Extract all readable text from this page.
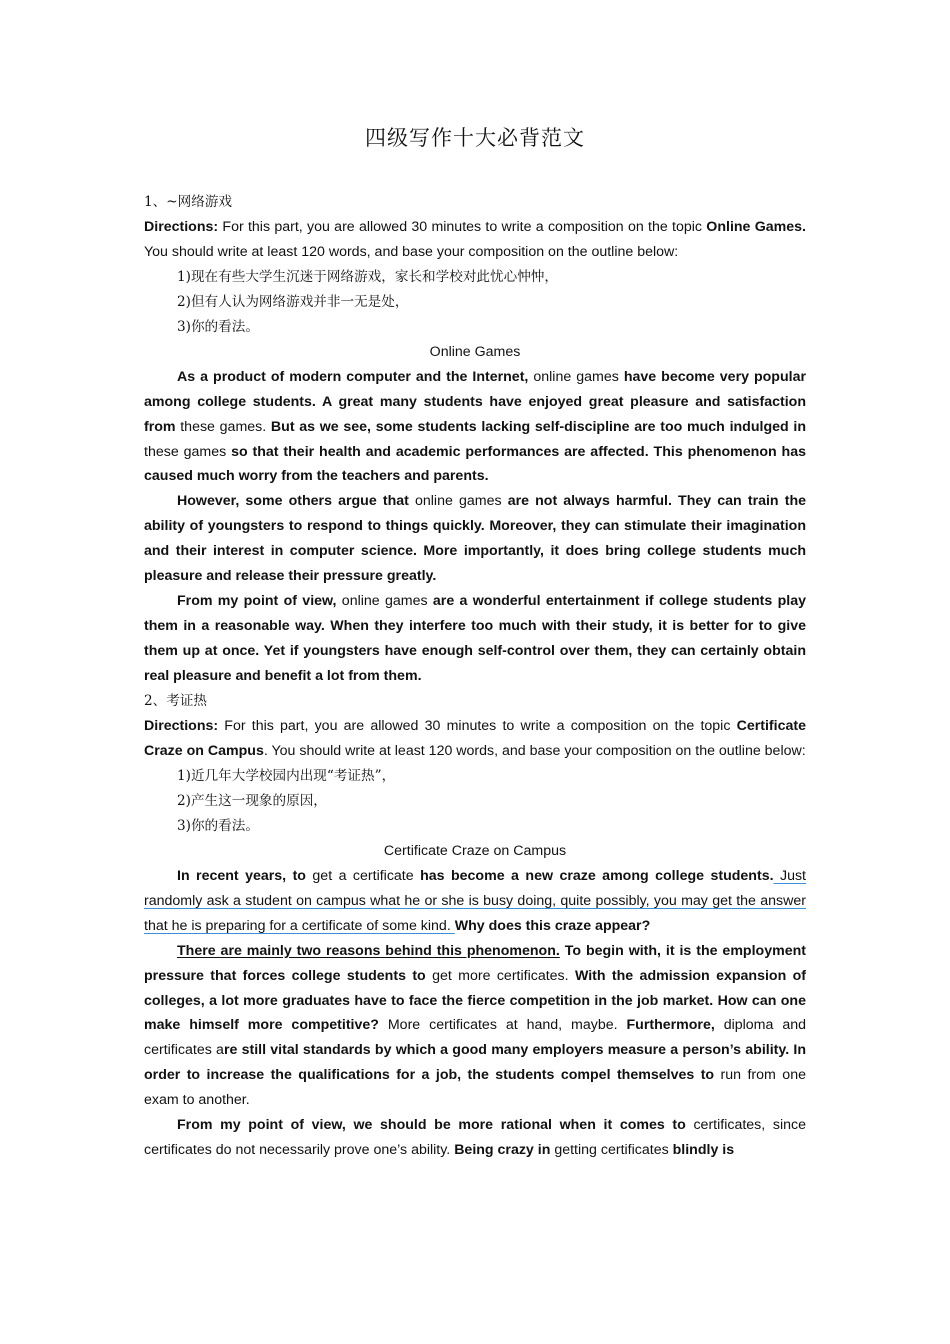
四级写作十大必背范文

1、~网络游戏

Directions: For this part, you are allowed 30 minutes to write a composition on the topic Online Games. You should write at least 120 words, and base your composition on the outline below:

1)现在有些大学生沉迷于网络游戏，家长和学校对此忧心忡忡，

2)但有人认为网络游戏并非一无是处，

3)你的看法。

Online Games

As a product of modern computer and the Internet, online games have become very popular among college students. A great many students have enjoyed great pleasure and satisfaction from these games. But as we see, some students lacking self-discipline are too much indulged in these games so that their health and academic performances are affected. This phenomenon has caused much worry from the teachers and parents.

However, some others argue that online games are not always harmful. They can train the ability of youngsters to respond to things quickly. Moreover, they can stimulate their imagination and their interest in computer science. More importantly, it does bring college students much pleasure and release their pressure greatly.

From my point of view, online games are a wonderful entertainment if college students play them in a reasonable way. When they interfere too much with their study, it is better for to give them up at once. Yet if youngsters have enough self-control over them, they can certainly obtain real pleasure and benefit a lot from them.

2、考证热

Directions: For this part, you are allowed 30 minutes to write a composition on the topic Certificate Craze on Campus. You should write at least 120 words, and base your composition on the outline below:

1)近几年大学校园内出现“考证热”，

2)产生这一现象的原因，

3)你的看法。

Certificate Craze on Campus

In recent years, to get a certificate has become a new craze among college students. Just randomly ask a student on campus what he or she is busy doing, quite possibly, you may get the answer that he is preparing for a certificate of some kind. Why does this craze appear?

There are mainly two reasons behind this phenomenon. To begin with, it is the employment pressure that forces college students to get more certificates. With the admission expansion of colleges, a lot more graduates have to face the fierce competition in the job market. How can one make himself more competitive? More certificates at hand, maybe. Furthermore, diploma and certificates are still vital standards by which a good many employers measure a person’s ability. In order to increase the qualifications for a job, the students compel themselves to run from one exam to another.

From my point of view, we should be more rational when it comes to certificates, since certificates do not necessarily prove one’s ability. Being crazy in getting certificates blindly is
